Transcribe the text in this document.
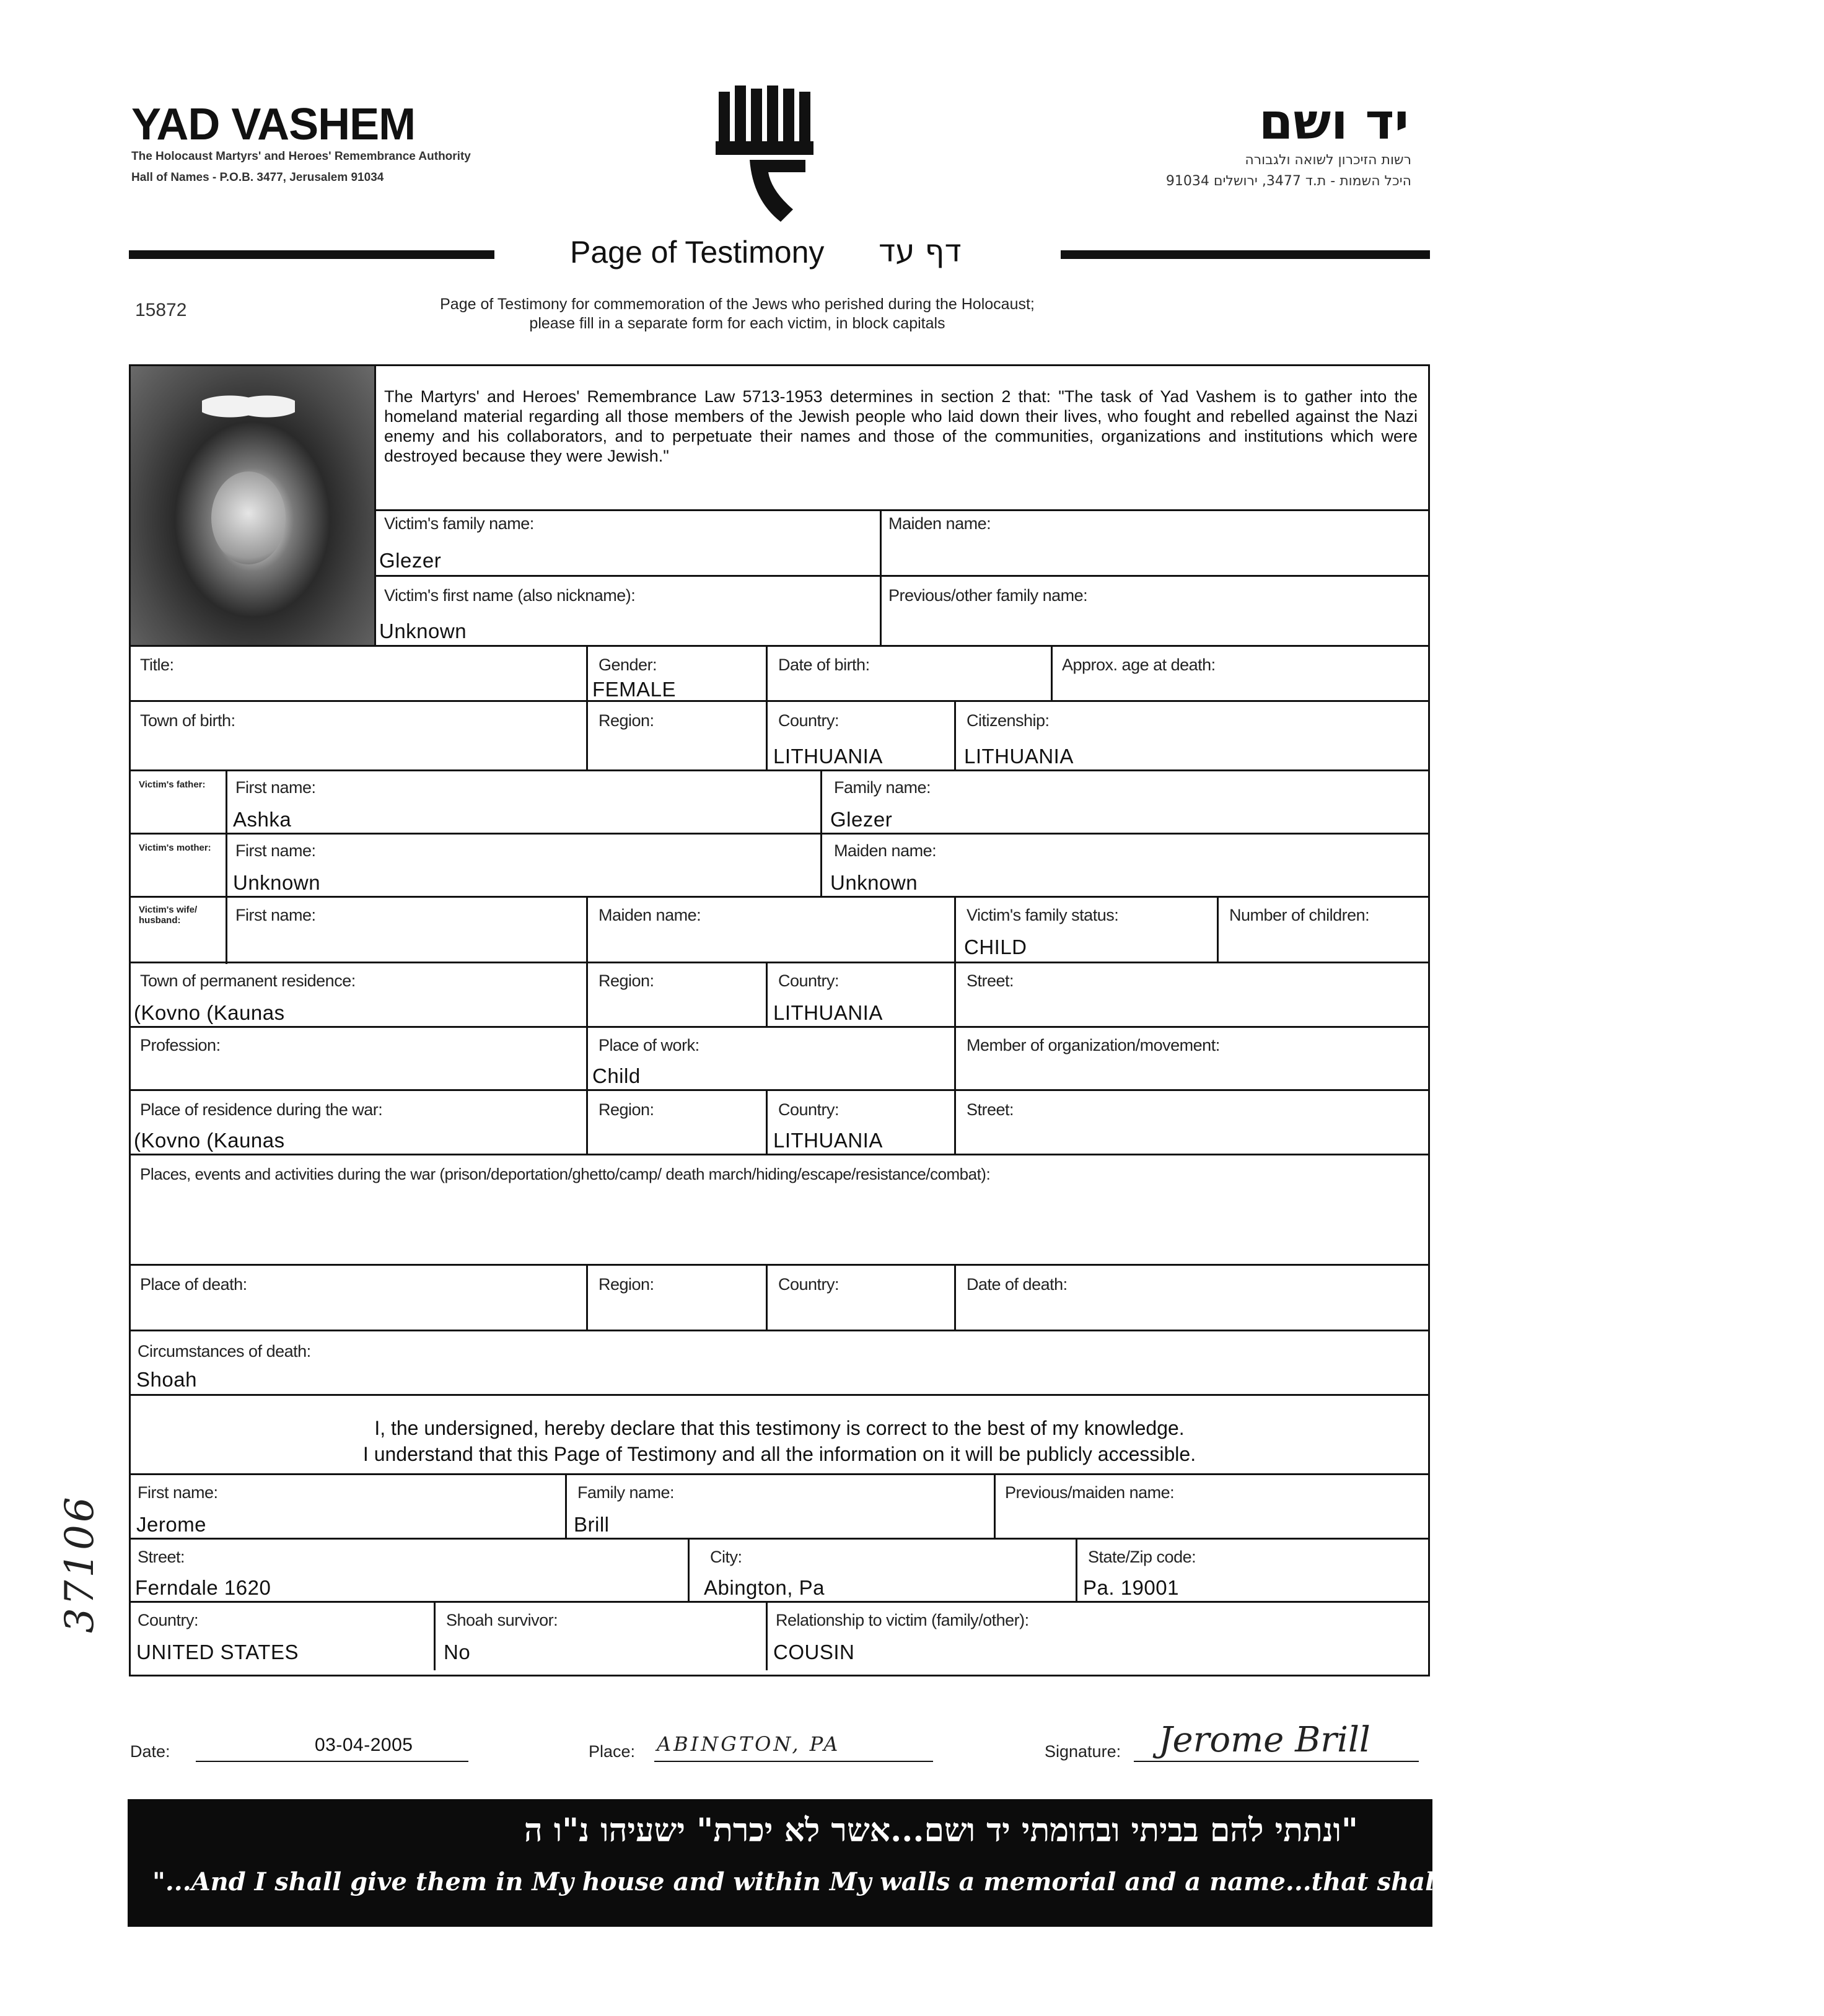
YAD VASHEM
The Holocaust Martyrs' and Heroes' Remembrance Authority
Hall of Names - P.O.B. 3477, Jerusalem 91034
יד ושם
רשות הזיכרון לשואה ולגבורה
היכל השמות - ת.ד 3477, ירושלים 91034
Page of Testimony דף עד
15872	Page of Testimony for commemoration of the Jews who perished during the Holocaust;
please fill in a separate form for each victim, in block capitals
The Martyrs' and Heroes' Remembrance Law 5713-1953 determines in section 2 that: "The task of Yad Vashem is to gather into the homeland material regarding all those members of the Jewish people who laid down their lives, who fought and rebelled against the Nazi enemy and his collaborators, and to perpetuate their names and those of the communities, organizations and institutions which were destroyed because they were Jewish."
Victim's family name:
Glezer
Maiden name:
Victim's first name (also nickname):
Unknown
Previous/other family name:
Title:	Gender:
FEMALE
Date of birth:	Approx. age at death:
Town of birth:	Region:	Country:
LITHUANIA
Citizenship:
LITHUANIA
Victim's father:	First name:
Ashka
Family name:
Glezer
Victim's mother:	First name:
Unknown
Maiden name:
Unknown
Victim's wife/ husband:	First name:	Maiden name:	Victim's family status:
CHILD
Number of children:
Town of permanent residence:
(Kovno (Kaunas
Region:	Country:
LITHUANIA
Street:
Profession:	Place of work:
Child
Member of organization/movement:
Place of residence during the war:
(Kovno (Kaunas
Region:	Country:
LITHUANIA
Street:
Places, events and activities during the war (prison/deportation/ghetto/camp/ death march/hiding/escape/resistance/combat):
Place of death:	Region:	Country:	Date of death:
Circumstances of death:
Shoah
I, the undersigned, hereby declare that this testimony is correct to the best of my knowledge.
I understand that this Page of Testimony and all the information on it will be publicly accessible.
First name:
Jerome
Family name:
Brill
Previous/maiden name:
Street:
Ferndale 1620
City:
Abington, Pa
State/Zip code:
Pa. 19001
Country:
UNITED STATES
Shoah survivor:
No
Relationship to victim (family/other):
COUSIN
Date:	03-04-2005	Place: ABINGTON, PA	Signature: Jerome Brill
"ונתתי להם בביתי ובחומתי יד ושם...אשר לא יכרת" ישעיהו נ"ו ה
"...And I shall give them in My house and within My walls a memorial and a name...that shall not be cut off" Isaiah, 56:5
37106
